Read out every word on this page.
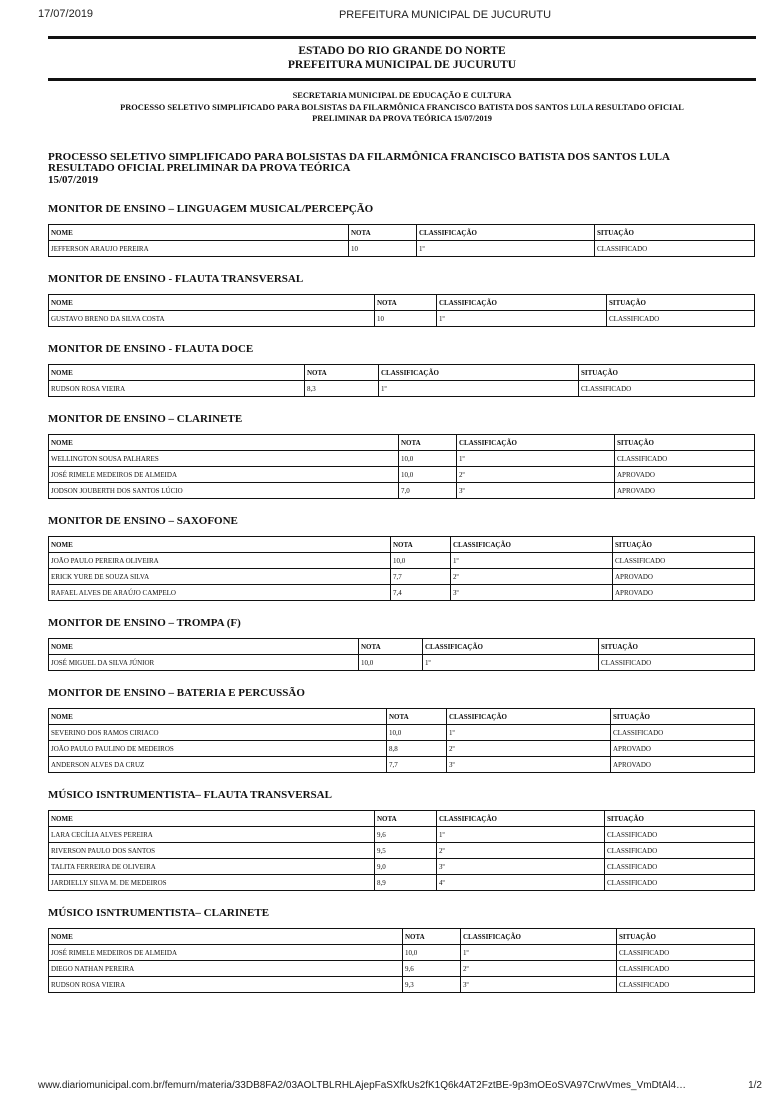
17/07/2019	PREFEITURA MUNICIPAL DE JUCURUTU
ESTADO DO RIO GRANDE DO NORTE
PREFEITURA MUNICIPAL DE JUCURUTU
SECRETARIA MUNICIPAL DE EDUCAÇÃO E CULTURA
PROCESSO SELETIVO SIMPLIFICADO PARA BOLSISTAS DA FILARMÔNICA FRANCISCO BATISTA DOS SANTOS LULA RESULTADO OFICIAL
PRELIMINAR DA PROVA TEÓRICA 15/07/2019
PROCESSO SELETIVO SIMPLIFICADO PARA BOLSISTAS DA FILARMÔNICA FRANCISCO BATISTA DOS SANTOS LULA
RESULTADO OFICIAL PRELIMINAR DA PROVA TEÓRICA
15/07/2019
MONITOR DE ENSINO – LINGUAGEM MUSICAL/PERCEPÇÃO
NOME	NOTA	CLASSIFICAÇÃO	SITUAÇÃO
JEFFERSON ARAUJO PEREIRA	10	1º	CLASSIFICADO
MONITOR DE ENSINO - FLAUTA TRANSVERSAL
NOME	NOTA	CLASSIFICAÇÃO	SITUAÇÃO
GUSTAVO BRENO DA SILVA COSTA	10	1º	CLASSIFICADO
MONITOR DE ENSINO - FLAUTA DOCE
NOME	NOTA	CLASSIFICAÇÃO	SITUAÇÃO
RUDSON ROSA VIEIRA	8,3	1º	CLASSIFICADO
MONITOR DE ENSINO – CLARINETE
NOME	NOTA	CLASSIFICAÇÃO	SITUAÇÃO
WELLINGTON SOUSA PALHARES	10,0	1º	CLASSIFICADO
JOSÉ RIMELE MEDEIROS DE ALMEIDA	10,0	2º	APROVADO
JODSON JOUBERTH DOS SANTOS LÚCIO	7,0	3º	APROVADO
MONITOR DE ENSINO – SAXOFONE
NOME	NOTA	CLASSIFICAÇÃO	SITUAÇÃO
JOÃO PAULO PEREIRA OLIVEIRA	10,0	1º	CLASSIFICADO
ERICK YURE DE SOUZA SILVA	7,7	2º	APROVADO
RAFAEL ALVES DE ARAÚJO CAMPELO	7,4	3º	APROVADO
MONITOR DE ENSINO – TROMPA (F)
NOME	NOTA	CLASSIFICAÇÃO	SITUAÇÃO
JOSÉ MIGUEL DA SILVA JÚNIOR	10,0	1º	CLASSIFICADO
MONITOR DE ENSINO – BATERIA E PERCUSSÃO
NOME	NOTA	CLASSIFICAÇÃO	SITUAÇÃO
SEVERINO DOS RAMOS CIRIACO	10,0	1º	CLASSIFICADO
JOÃO PAULO PAULINO DE MEDEIROS	8,8	2º	APROVADO
ANDERSON ALVES DA CRUZ	7,7	3º	APROVADO
MÚSICO ISNTRUMENTISTA– FLAUTA TRANSVERSAL
NOME	NOTA	CLASSIFICAÇÃO	SITUAÇÃO
LARA CECÍLIA ALVES PEREIRA	9,6	1º	CLASSIFICADO
RIVERSON PAULO DOS SANTOS	9,5	2º	CLASSIFICADO
TALITA FERREIRA DE OLIVEIRA	9,0	3º	CLASSIFICADO
JARDIELLY SILVA M. DE MEDEIROS	8,9	4º	CLASSIFICADO
MÚSICO ISNTRUMENTISTA– CLARINETE
NOME	NOTA	CLASSIFICAÇÃO	SITUAÇÃO
JOSÉ RIMELE MEDEIROS DE ALMEIDA	10,0	1º	CLASSIFICADO
DIEGO NATHAN PEREIRA	9,6	2º	CLASSIFICADO
RUDSON ROSA VIEIRA	9,3	3º	CLASSIFICADO
www.diariomunicipal.com.br/femurn/materia/33DB8FA2/03AOLTBLRHLAjepFaSXfkUs2fK1Q6k4AT2FztBE-9p3mOEoSVA97CrwVmes_VmDtAl4…	1/2
